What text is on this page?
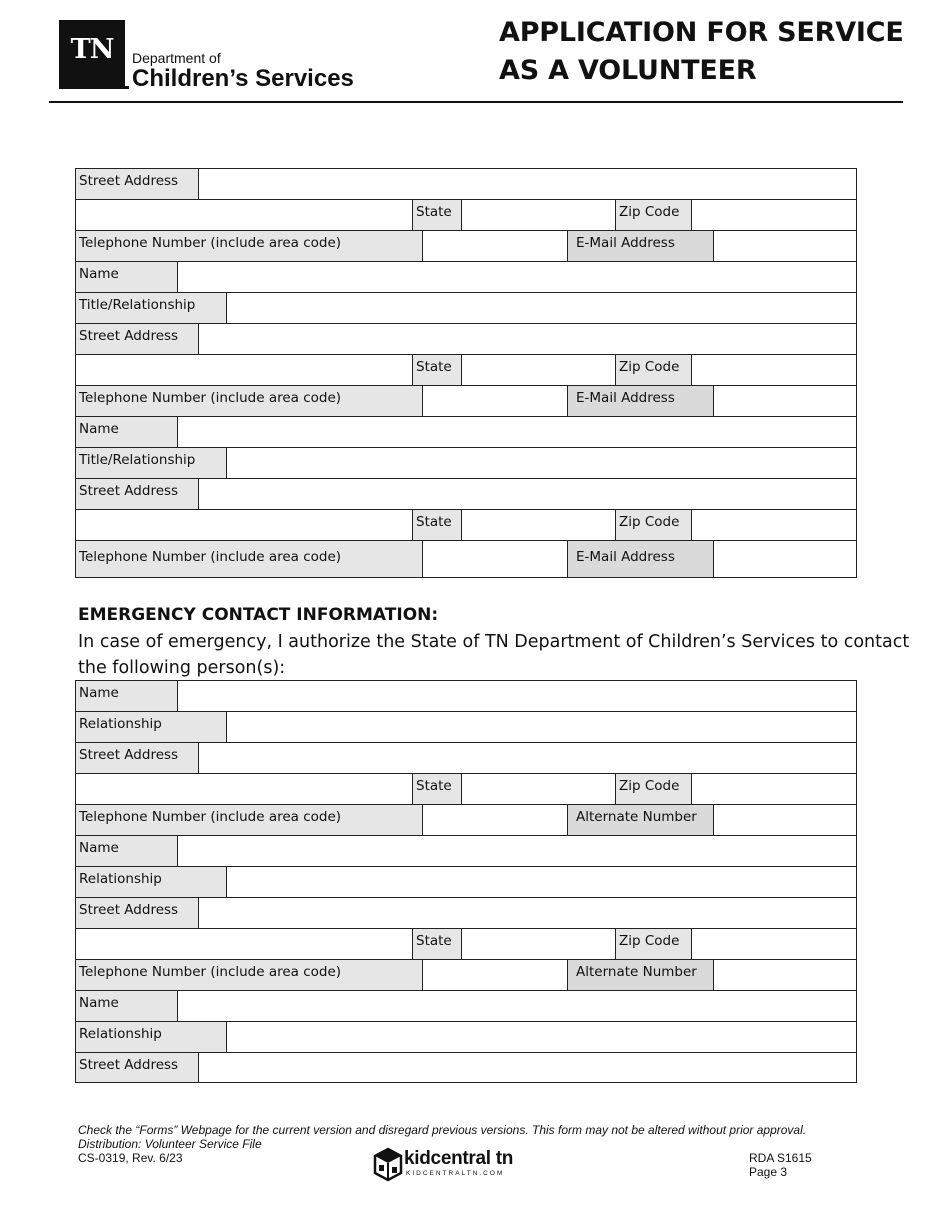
TN	Department of
Children’s Services
APPLICATION FOR SERVICE
AS A VOLUNTEER
Street Address
State	Zip Code
Telephone Number (include area code)	E-Mail Address
Name
Title/Relationship
Street Address
State	Zip Code
Telephone Number (include area code)	E-Mail Address
Name
Title/Relationship
Street Address
State	Zip Code
Telephone Number (include area code)	E-Mail Address
EMERGENCY CONTACT INFORMATION:
In case of emergency, I authorize the State of TN Department of Children’s Services to contact the following person(s):
Name
Relationship
Street Address
State	Zip Code
Telephone Number (include area code)	Alternate Number
Name
Relationship
Street Address
State	Zip Code
Telephone Number (include area code)	Alternate Number
Name
Relationship
Street Address
Check the “Forms” Webpage for the current version and disregard previous versions. This form may not be altered without prior approval.
Distribution: Volunteer Service File
CS-0319, Rev. 6/23	kidcentral tn
KIDCENTRALTN.COM
RDA S1615
Page 3
